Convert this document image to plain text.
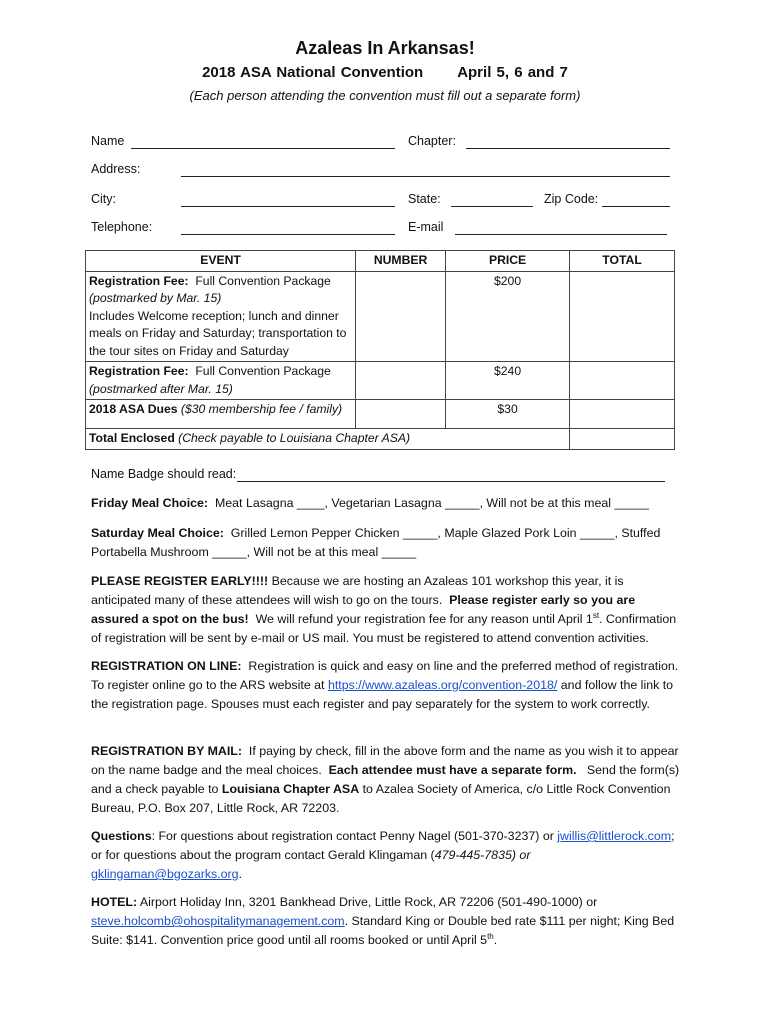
Azaleas In Arkansas!
2018 ASA National Convention April 5, 6 and 7
(Each person attending the convention must fill out a separate form)
Name	Chapter:
Address:
City:	State:	Zip Code:
Telephone:	E-mail
EVENT	NUMBER	PRICE	TOTAL
Registration Fee: Full Convention Package
(postmarked by Mar. 15)
Includes Welcome reception; lunch and dinner meals on Friday and Saturday; transportation to the tour sites on Friday and Saturday		$200	
Registration Fee: Full Convention Package
(postmarked after Mar. 15)		$240	
2018 ASA Dues ($30 membership fee / family)		$30	
Total Enclosed (Check payable to Louisiana Chapter ASA)			
Name Badge should read:
Friday Meal Choice: Meat Lasagna ____, Vegetarian Lasagna _____, Will not be at this meal _____
Saturday Meal Choice: Grilled Lemon Pepper Chicken _____, Maple Glazed Pork Loin _____, Stuffed Portabella Mushroom _____, Will not be at this meal _____
PLEASE REGISTER EARLY!!!! Because we are hosting an Azaleas 101 workshop this year, it is anticipated many of these attendees will wish to go on the tours. Please register early so you are assured a spot on the bus! We will refund your registration fee for any reason until April 1st. Confirmation of registration will be sent by e-mail or US mail. You must be registered to attend convention activities.
REGISTRATION ON LINE: Registration is quick and easy on line and the preferred method of registration. To register online go to the ARS website at https://www.azaleas.org/convention-2018/ and follow the link to the registration page. Spouses must each register and pay separately for the system to work correctly.
REGISTRATION BY MAIL: If paying by check, fill in the above form and the name as you wish it to appear on the name badge and the meal choices. Each attendee must have a separate form. Send the form(s) and a check payable to Louisiana Chapter ASA to Azalea Society of America, c/o Little Rock Convention Bureau, P.O. Box 207, Little Rock, AR 72203.
Questions: For questions about registration contact Penny Nagel (501-370-3237) or jwillis@littlerock.com; or for questions about the program contact Gerald Klingaman (479-445-7835) or gklingaman@bgozarks.org.
HOTEL: Airport Holiday Inn, 3201 Bankhead Drive, Little Rock, AR 72206 (501-490-1000) or steve.holcomb@ohospitalitymanagement.com. Standard King or Double bed rate $111 per night; King Bed Suite: $141. Convention price good until all rooms booked or until April 5th.
